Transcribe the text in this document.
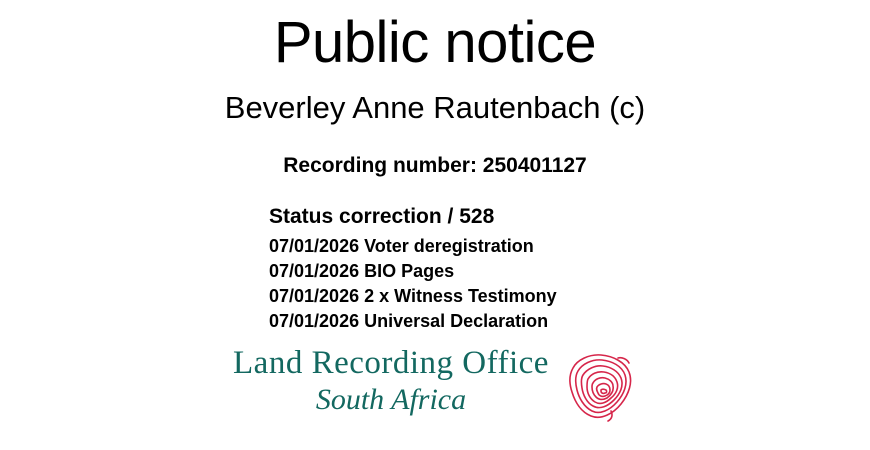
Public notice
Beverley Anne Rautenbach (c)

Recording number: 250401127

Status correction / 528

07/01/2026 Voter deregistration
07/01/2026 BIO Pages
07/01/2026 2 x Witness Testimony
07/01/2026 Universal Declaration
Land Recording Office
South Africa
